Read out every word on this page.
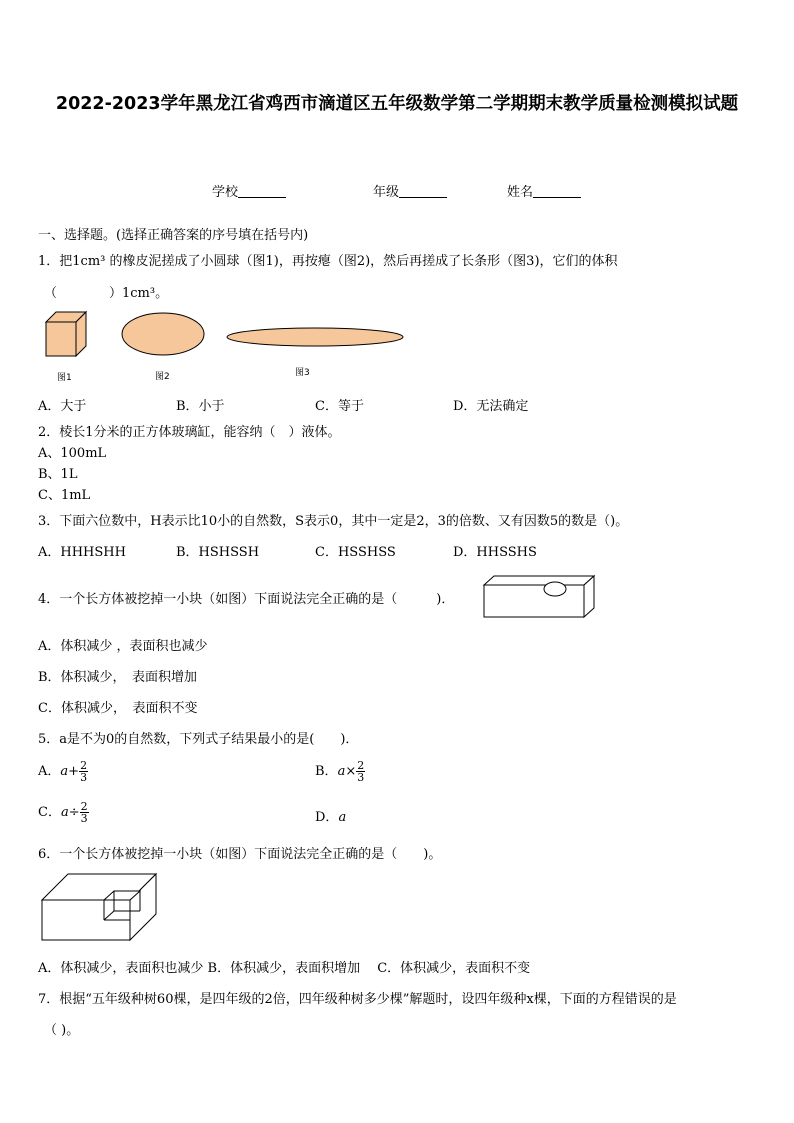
2022-2023学年黑龙江省鸡西市滴道区五年级数学第二学期期末教学质量检测模拟试题
学校	年级	姓名
一、选择题。(选择正确答案的序号填在括号内)
1．把1cm³ 的橡皮泥搓成了小圆球（图1)，再按瘪（图2)，然后再搓成了长条形（图3)，它们的体积
（　　　　）1cm³。
图1	图2	图3
A．大于	B．小于	C．等于	D．无法确定
2．棱长1分米的正方体玻璃缸，能容纳（　）液体。
A、100mL
B、1L
C、1mL
3．下面六位数中，H表示比10小的自然数，S表示0，其中一定是2，3的倍数、又有因数5的数是（)。
A．HHHSHH	B．HSHSSH	C．HSSHSS	D．HHSSHS
4．一个长方体被挖掉一小块（如图）下面说法完全正确的是（　　　)．
A．体积减少 ，表面积也减少
B．体积减少，　表面积增加
C．体积减少，　表面积不变
5．a是不为0的自然数，下列式子结果最小的是(　　)．
A．$a+ \frac{2}{3}$	B．$a\times \frac{2}{3}$
C．$a\div \frac{2}{3}$	D．a
6．一个长方体被挖掉一小块（如图）下面说法完全正确的是（　　)。
A．体积减少，表面积也减少 B．体积减少，表面积增加　 C．体积减少，表面积不变
7．根据“五年级种树60棵，是四年级的2倍，四年级种树多少棵”解题时，设四年级种x棵，下面的方程错误的是
（ )。
